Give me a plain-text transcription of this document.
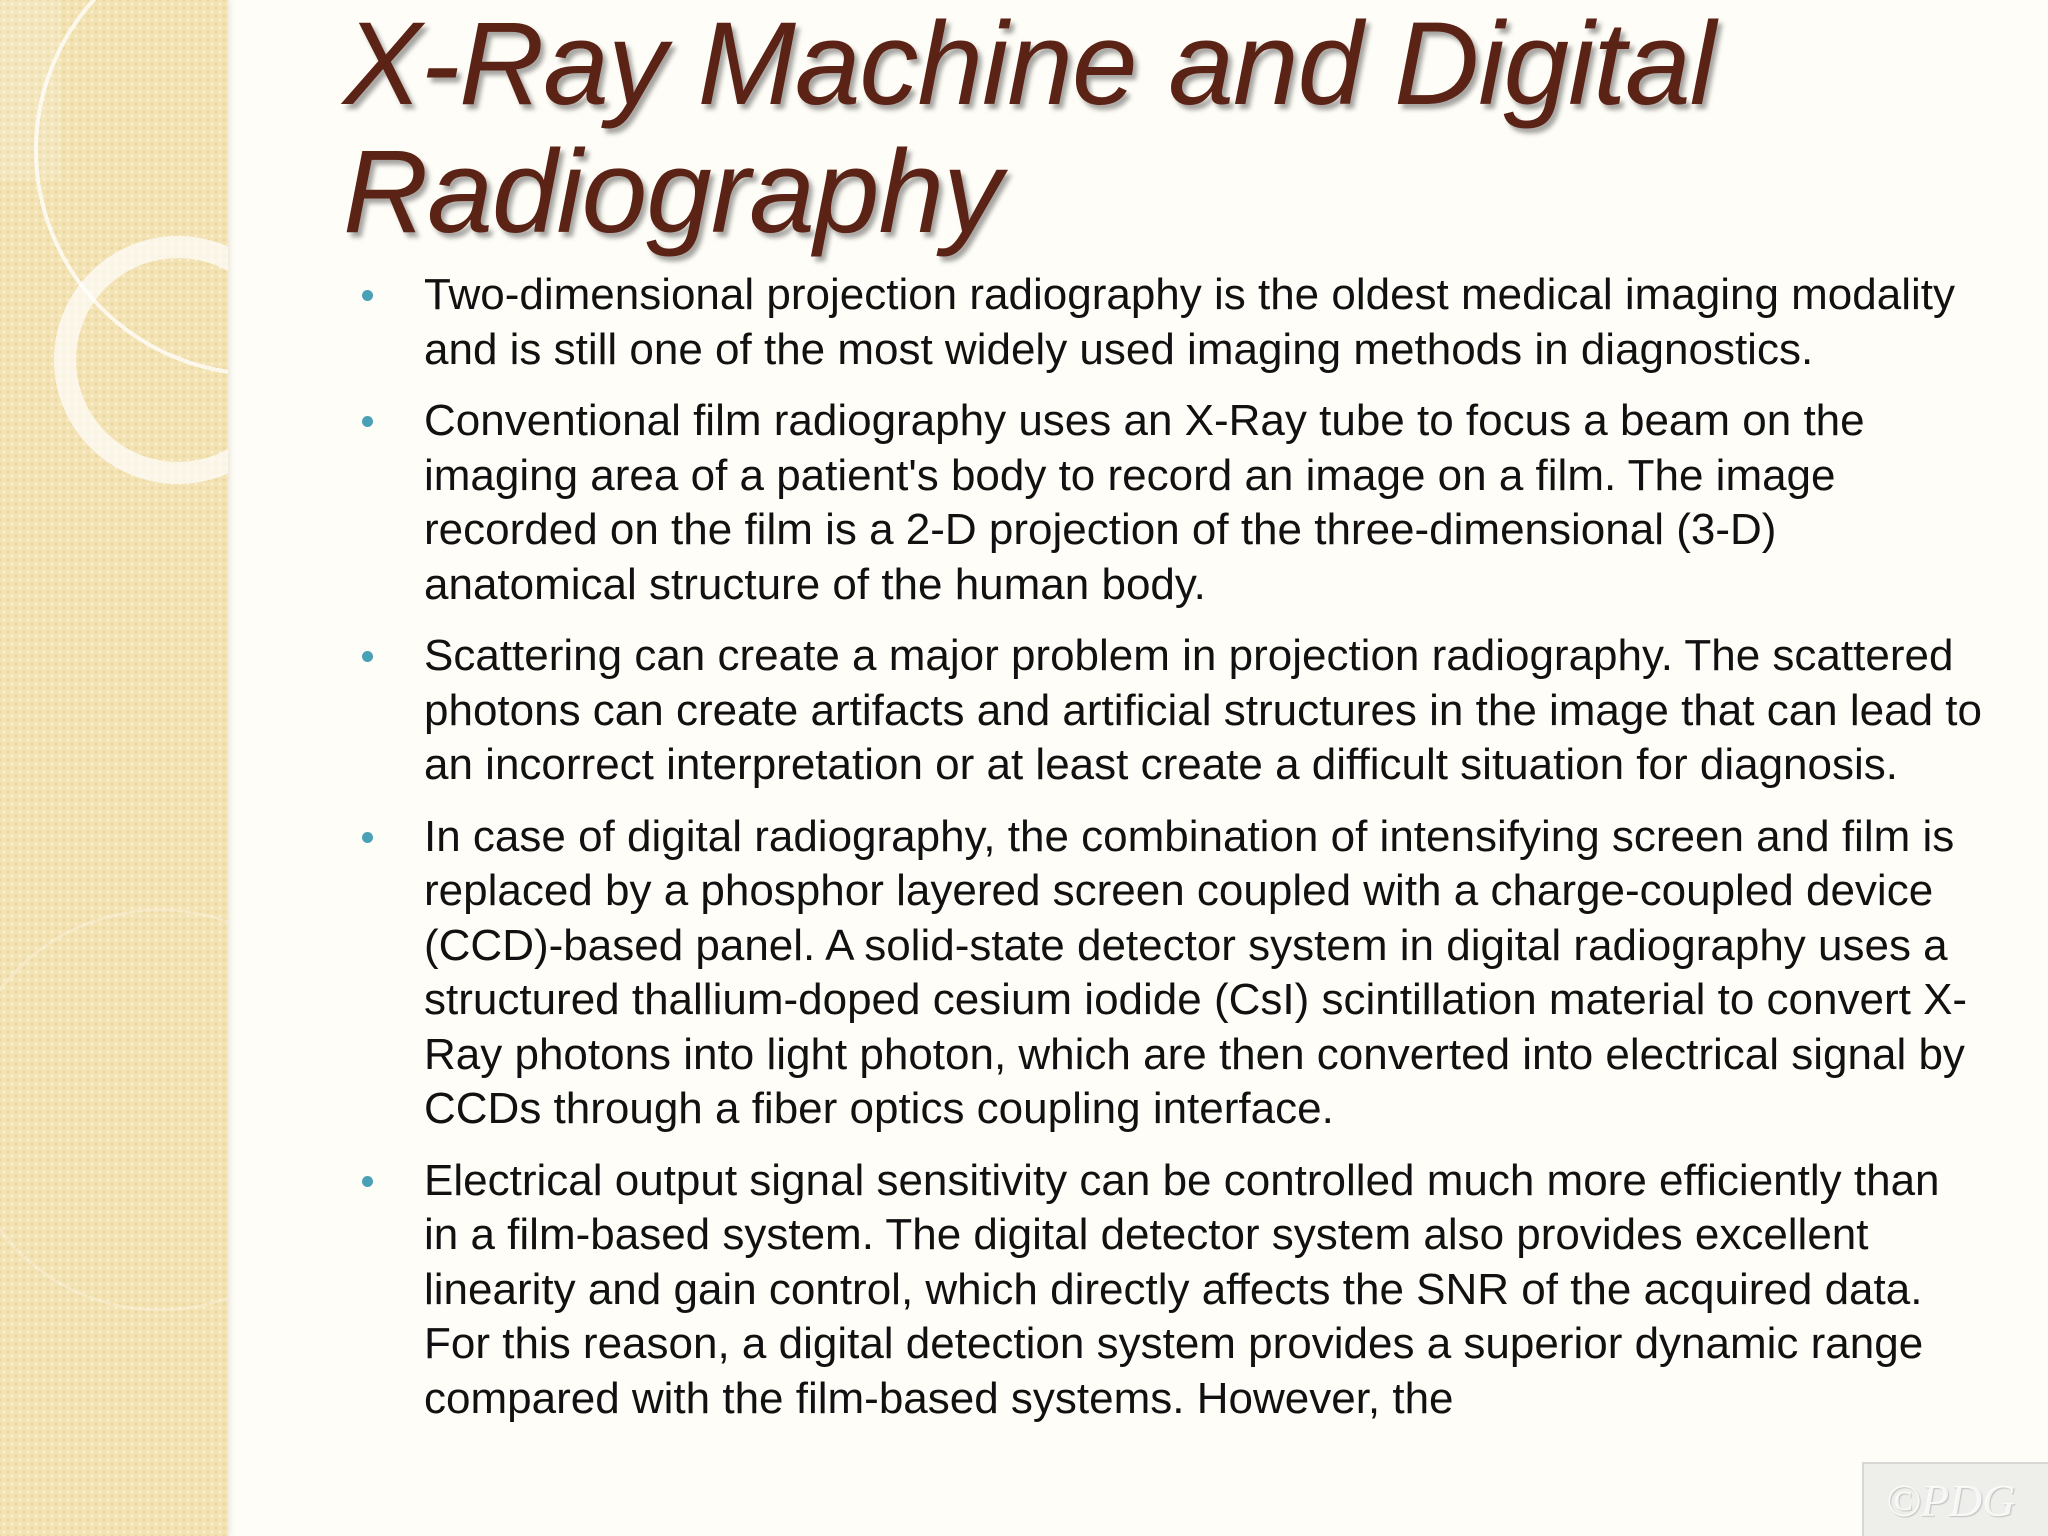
X-Ray Machine and Digital
Radiography
Two-dimensional projection radiography is the oldest medical imaging modality and is still one of the most widely used imaging methods in diagnostics.
Conventional film radiography uses an X-Ray tube to focus a beam on the imaging area of a patient's body to record an image on a film. The image recorded on the film is a 2-D projection of the three-dimensional (3-D) anatomical structure of the human body.
Scattering can create a major problem in projection radiography. The scattered photons can create artifacts and artificial structures in the image that can lead to an incorrect interpretation or at least create a difficult situation for diagnosis.
In case of digital radiography, the combination of intensifying screen and film is replaced by a phosphor layered screen coupled with a charge-coupled device (CCD)-based panel. A solid-state detector system in digital radiography uses a structured thallium-doped cesium iodide (CsI) scintillation material to convert X-Ray photons into light photon, which are then converted into electrical signal by CCDs through a fiber optics coupling interface.
Electrical output signal sensitivity can be controlled much more efficiently than in a film-based system. The digital detector system also provides excellent linearity and gain control, which directly affects the SNR of the acquired data. For this reason, a digital detection system provides a superior dynamic range compared with the film-based systems. However, the
©PDG
